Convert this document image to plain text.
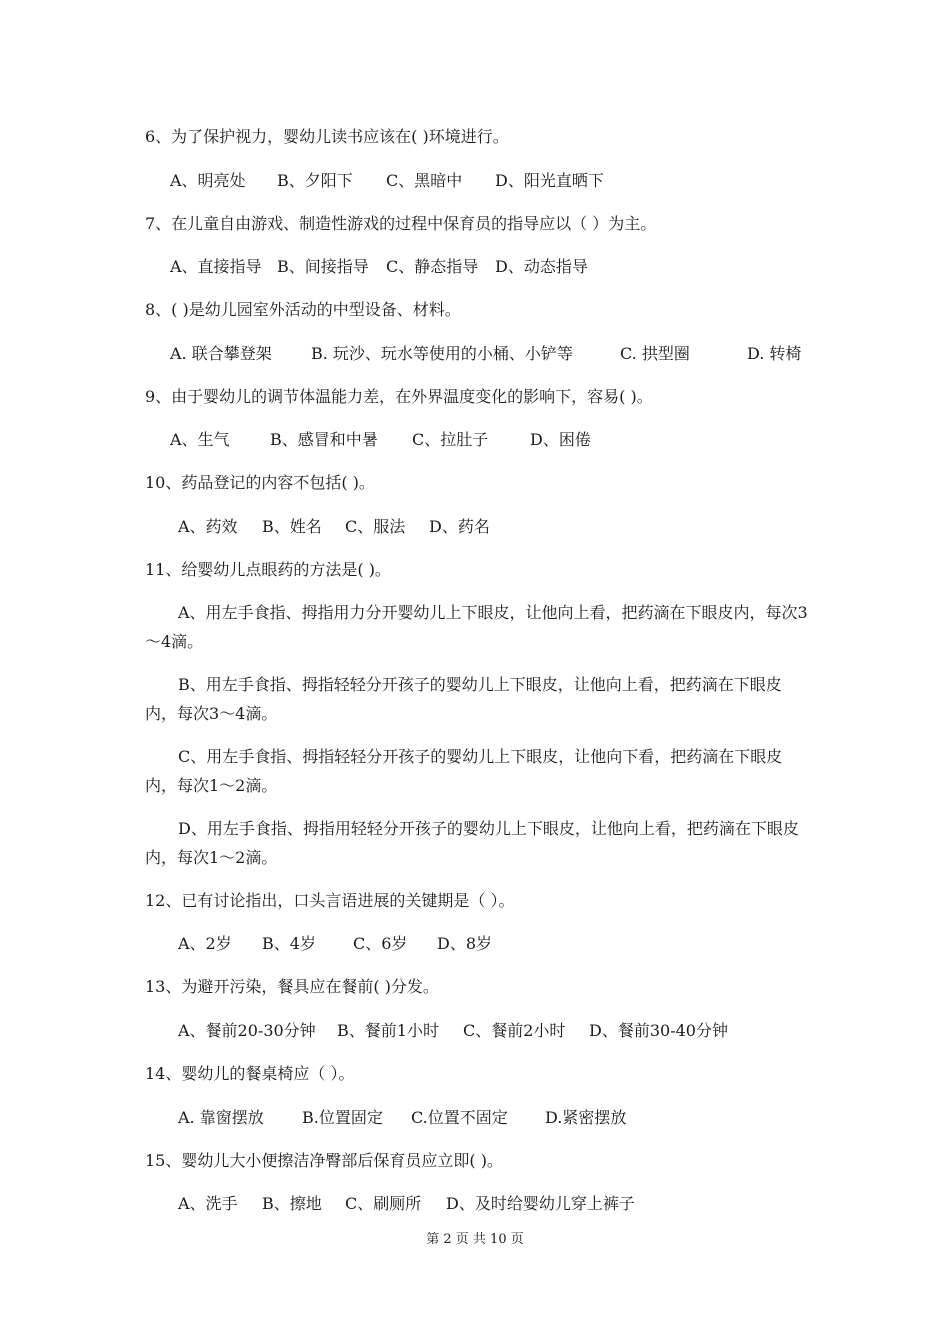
6、为了保护视力，婴幼儿读书应该在( )环境进行。
A、明亮处 B、夕阳下 C、黑暗中 D、阳光直晒下
7、在儿童自由游戏、制造性游戏的过程中保育员的指导应以（ ）为主。
A、直接指导 B、间接指导 C、静态指导 D、动态指导
8、( )是幼儿园室外活动的中型设备、材料。
A. 联合攀登架 B. 玩沙、玩水等使用的小桶、小铲等	C. 拱型圈	D. 转椅
9、由于婴幼儿的调节体温能力差，在外界温度变化的影响下，容易( )。
A、生气	B、感冒和中暑 C、拉肚子	D、困倦
10、药品登记的内容不包括( )。
A、药效 B、姓名 C、服法 D、药名
11、给婴幼儿点眼药的方法是( )。
A、用左手食指、拇指用力分开婴幼儿上下眼皮，让他向上看，把药滴在下眼皮内，每次3～4滴。
B、用左手食指、拇指轻轻分开孩子的婴幼儿上下眼皮，让他向上看，把药滴在下眼皮内，每次3～4滴。
C、用左手食指、拇指轻轻分开孩子的婴幼儿上下眼皮，让他向下看，把药滴在下眼皮内，每次1～2滴。
D、用左手食指、拇指用轻轻分开孩子的婴幼儿上下眼皮，让他向上看，把药滴在下眼皮内，每次1～2滴。
12、已有讨论指出，口头言语进展的关键期是（ ）。
A、2岁 B、4岁 C、6岁 D、8岁
13、为避开污染，餐具应在餐前( )分发。
A、餐前20-30分钟 B、餐前1小时 C、餐前2小时 D、餐前30-40分钟
14、婴幼儿的餐桌椅应（ ）。
A. 靠窗摆放 B.位置固定 C.位置不固定 D.紧密摆放
15、婴幼儿大小便擦洁净臀部后保育员应立即( )。
A、洗手 B、擦地 C、刷厕所 D、及时给婴幼儿穿上裤子
第 2 页 共 10 页
